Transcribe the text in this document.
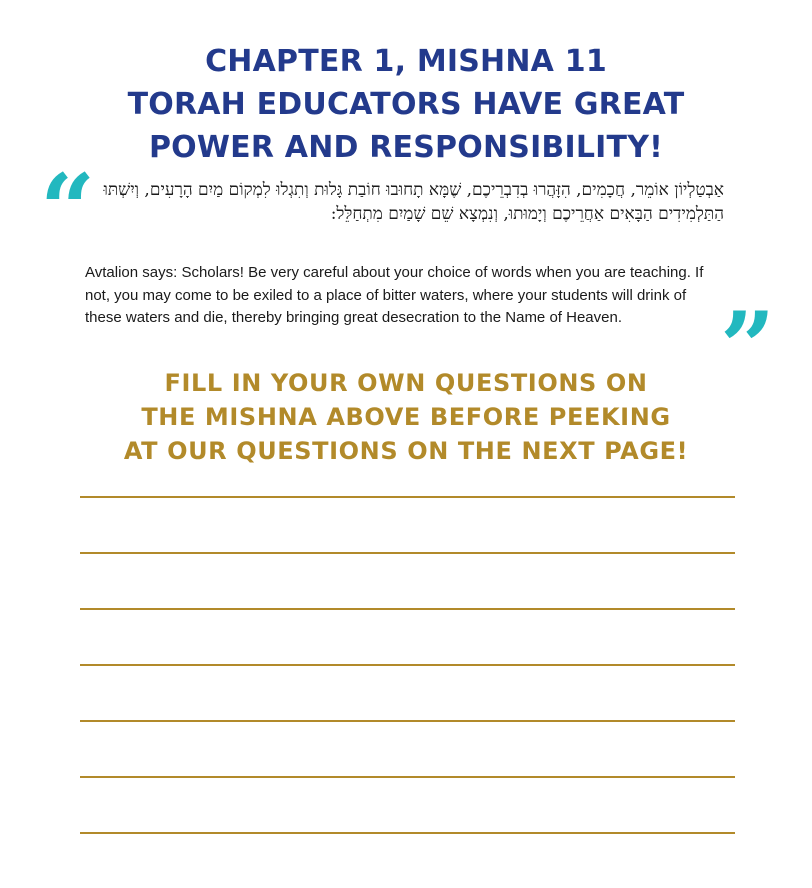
CHAPTER 1, MISHNA 11
TORAH EDUCATORS HAVE GREAT
POWER AND RESPONSIBILITY!
“ אַבְטַלְיוֹן אוֹמֵר, חֲכָמִים, הִזָּהֲרוּ בְדִבְרֵיכֶם, שֶׁמָּא תָחוּבוּ חוֹבַת גָּלוּת וְתִגְלוּ לִמְקוֹם מַיִם הָרָעִים, וְיִשְׁתּוּ הַתַּלְמִידִים הַבָּאִים אַחֲרֵיכֶם וְיָמוּתוּ, וְנִמְצָא שֵׁם שָׁמַיִם מִתְחַלֵּל:
Avtalion says: Scholars! Be very careful about your choice of words when you are teaching. If not, you may come to be exiled to a place of bitter waters, where your students will drink of these waters and die, thereby bringing great desecration to the Name of Heaven.	”
FILL IN YOUR OWN QUESTIONS ON
THE MISHNA ABOVE BEFORE PEEKING
AT OUR QUESTIONS ON THE NEXT PAGE!
